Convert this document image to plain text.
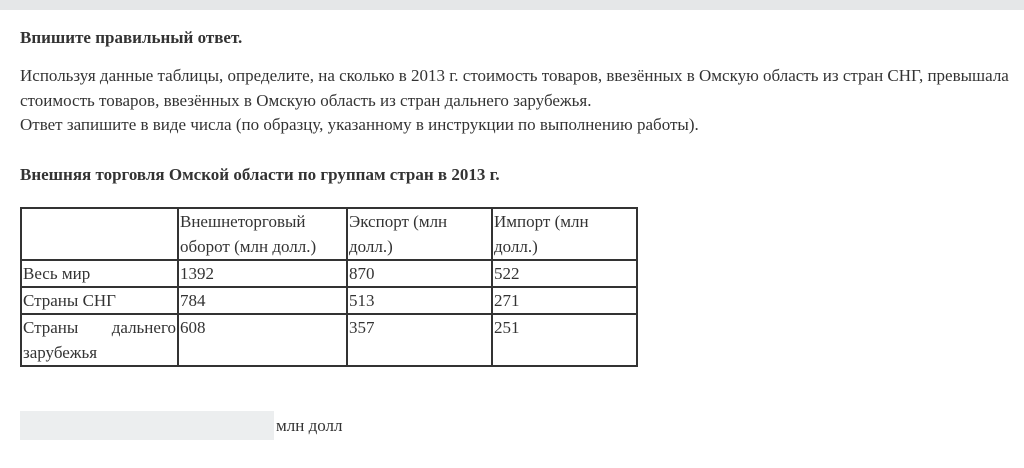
Впишите правильный ответ.

Используя данные таблицы, определите, на сколько в 2013 г. стоимость товаров, ввезённых в Омскую область из стран СНГ, превышала стоимость товаров, ввезённых в Омскую область из стран дальнего зарубежья.

Ответ запишите в виде числа (по образцу, указанному в инструкции по выполнению работы).

Внешняя торговля Омской области по группам стран в 2013 г.

	Внешнеторговый оборот (млн долл.)	Экспорт (млн долл.)	Импорт (млн долл.)
Весь мир	1392	870	522
Страны СНГ	784	513	271

Страны дальнего
зарубежья	608	357	251
млн долл
